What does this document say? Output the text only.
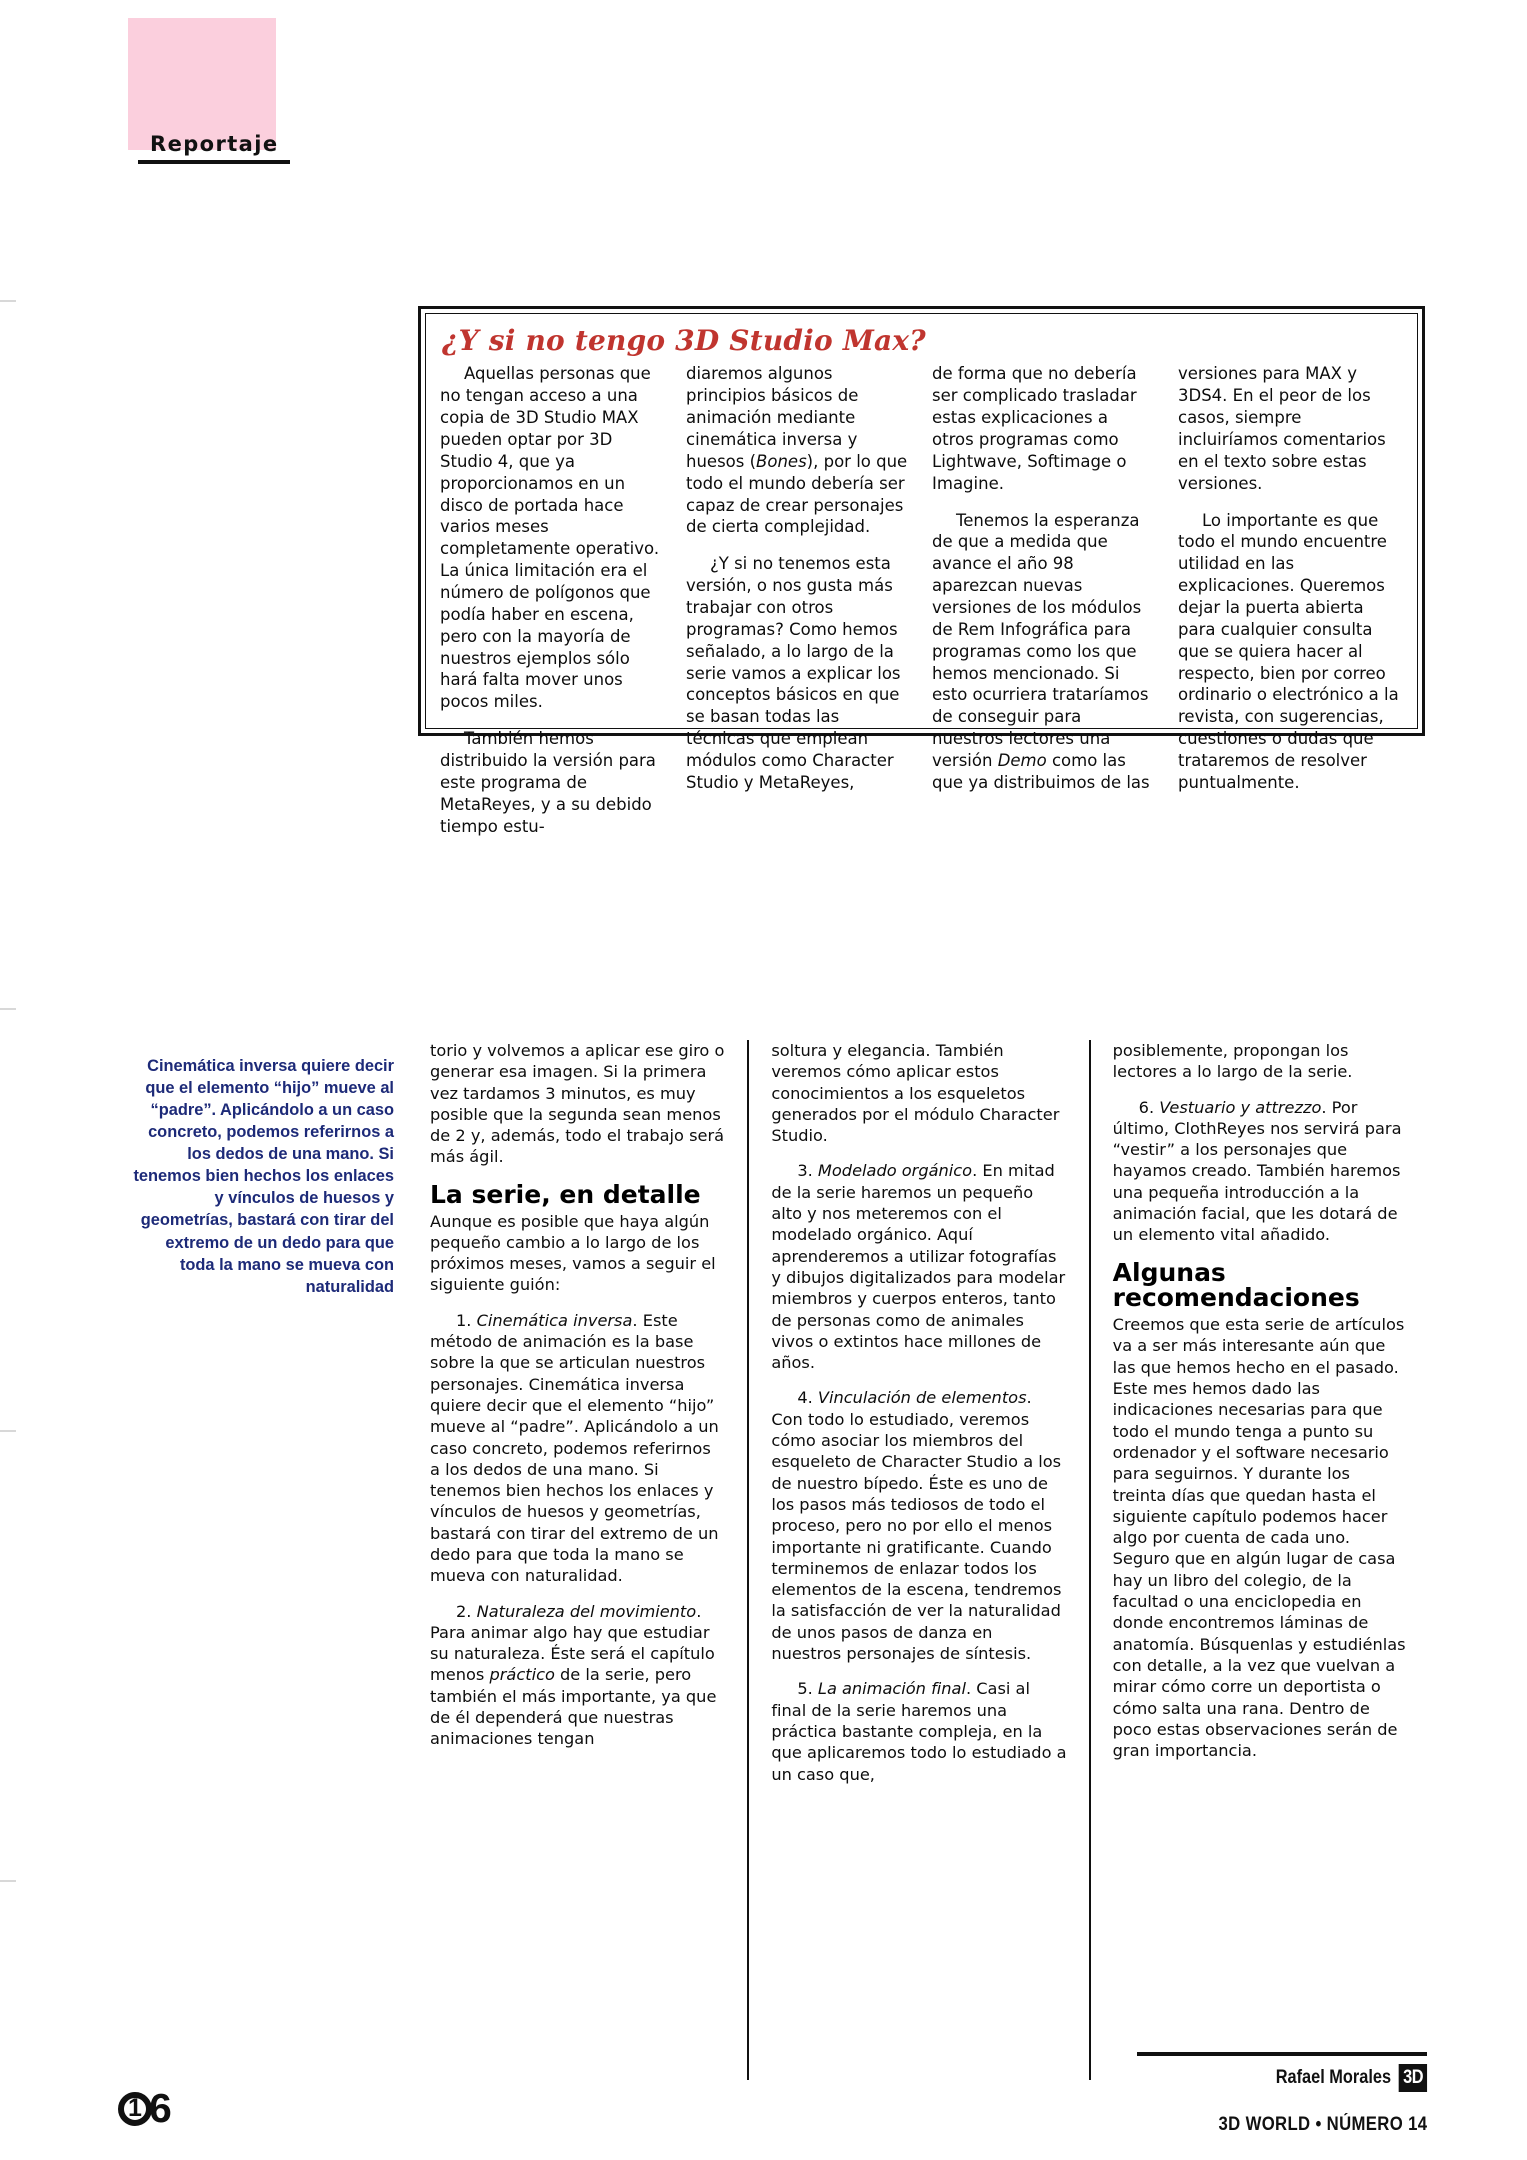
Reportaje
¿Y si no tengo 3D Studio Max?

Aquellas personas que no tengan acceso a una copia de 3D Studio MAX pueden optar por 3D Studio 4, que ya proporcionamos en un disco de portada hace varios meses completamente operativo. La única limitación era el número de polígonos que podía haber en escena, pero con la mayoría de nuestros ejemplos sólo hará falta mover unos pocos miles.

También hemos distribuido la versión para este programa de MetaReyes, y a su debido tiempo estu-

diaremos algunos principios básicos de animación mediante cinemática inversa y huesos (Bones), por lo que todo el mundo debería ser capaz de crear personajes de cierta complejidad.

¿Y si no tenemos esta versión, o nos gusta más trabajar con otros programas? Como hemos señalado, a lo largo de la serie vamos a explicar los conceptos básicos en que se basan todas las técnicas que emplean módulos como Character Studio y MetaReyes,

de forma que no debería ser complicado trasladar estas explicaciones a otros programas como Lightwave, Softimage o Imagine.

Tenemos la esperanza de que a medida que avance el año 98 aparezcan nuevas versiones de los módulos de Rem Infográfica para programas como los que hemos mencionado. Si esto ocurriera trataríamos de conseguir para nuestros lectores una versión Demo como las que ya distribuimos de las

versiones para MAX y 3DS4. En el peor de los casos, siempre incluiríamos comentarios en el texto sobre estas versiones.

Lo importante es que todo el mundo encuentre utilidad en las explicaciones. Queremos dejar la puerta abierta para cualquier consulta que se quiera hacer al respecto, bien por correo ordinario o electrónico a la revista, con sugerencias, cuestiones o dudas que trataremos de resolver puntualmente.

Cinemática inversa quiere decir que el elemento “hijo” mueve al “padre”. Aplicándolo a un caso concreto, podemos referirnos a los dedos de una mano. Si tenemos bien hechos los enlaces y vínculos de huesos y geometrías, bastará con tirar del extremo de un dedo para que toda la mano se mueva con naturalidad

torio y volvemos a aplicar ese giro o generar esa imagen. Si la primera vez tardamos 3 minutos, es muy posible que la segunda sean menos de 2 y, además, todo el trabajo será más ágil.

La serie, en detalle

Aunque es posible que haya algún pequeño cambio a lo largo de los próximos meses, vamos a seguir el siguiente guión:

1. Cinemática inversa. Este método de animación es la base sobre la que se articulan nuestros personajes. Cinemática inversa quiere decir que el elemento “hijo” mueve al “padre”. Aplicándolo a un caso concreto, podemos referirnos a los dedos de una mano. Si tenemos bien hechos los enlaces y vínculos de huesos y geometrías, bastará con tirar del extremo de un dedo para que toda la mano se mueva con naturalidad.

2. Naturaleza del movimiento. Para animar algo hay que estudiar su naturaleza. Éste será el capítulo menos práctico de la serie, pero también el más importante, ya que de él dependerá que nuestras animaciones tengan

soltura y elegancia. También veremos cómo aplicar estos conocimientos a los esqueletos generados por el módulo Character Studio.

3. Modelado orgánico. En mitad de la serie haremos un pequeño alto y nos meteremos con el modelado orgánico. Aquí aprenderemos a utilizar fotografías y dibujos digitalizados para modelar miembros y cuerpos enteros, tanto de personas como de animales vivos o extintos hace millones de años.

4. Vinculación de elementos. Con todo lo estudiado, veremos cómo asociar los miembros del esqueleto de Character Studio a los de nuestro bípedo. Éste es uno de los pasos más tediosos de todo el proceso, pero no por ello el menos importante ni gratificante. Cuando terminemos de enlazar todos los elementos de la escena, tendremos la satisfacción de ver la naturalidad de unos pasos de danza en nuestros personajes de síntesis.

5. La animación final. Casi al final de la serie haremos una práctica bastante compleja, en la que aplicaremos todo lo estudiado a un caso que,

posiblemente, propongan los lectores a lo largo de la serie.

6. Vestuario y attrezzo. Por último, ClothReyes nos servirá para “vestir” a los personajes que hayamos creado. También haremos una pequeña introducción a la animación facial, que les dotará de un elemento vital añadido.

Algunas recomendaciones

Creemos que esta serie de artículos va a ser más interesante aún que las que hemos hecho en el pasado. Este mes hemos dado las indicaciones necesarias para que todo el mundo tenga a punto su ordenador y el software necesario para seguirnos. Y durante los treinta días que quedan hasta el siguiente capítulo podemos hacer algo por cuenta de cada uno. Seguro que en algún lugar de casa hay un libro del colegio, de la facultad o una enciclopedia en donde encontremos láminas de anatomía. Búsquenlas y estudiénlas con detalle, a la vez que vuelvan a mirar cómo corre un deportista o cómo salta una rana. Dentro de poco estas observaciones serán de gran importancia.

Rafael Morales 3D
3D WORLD • NÚMERO 14
1 6
